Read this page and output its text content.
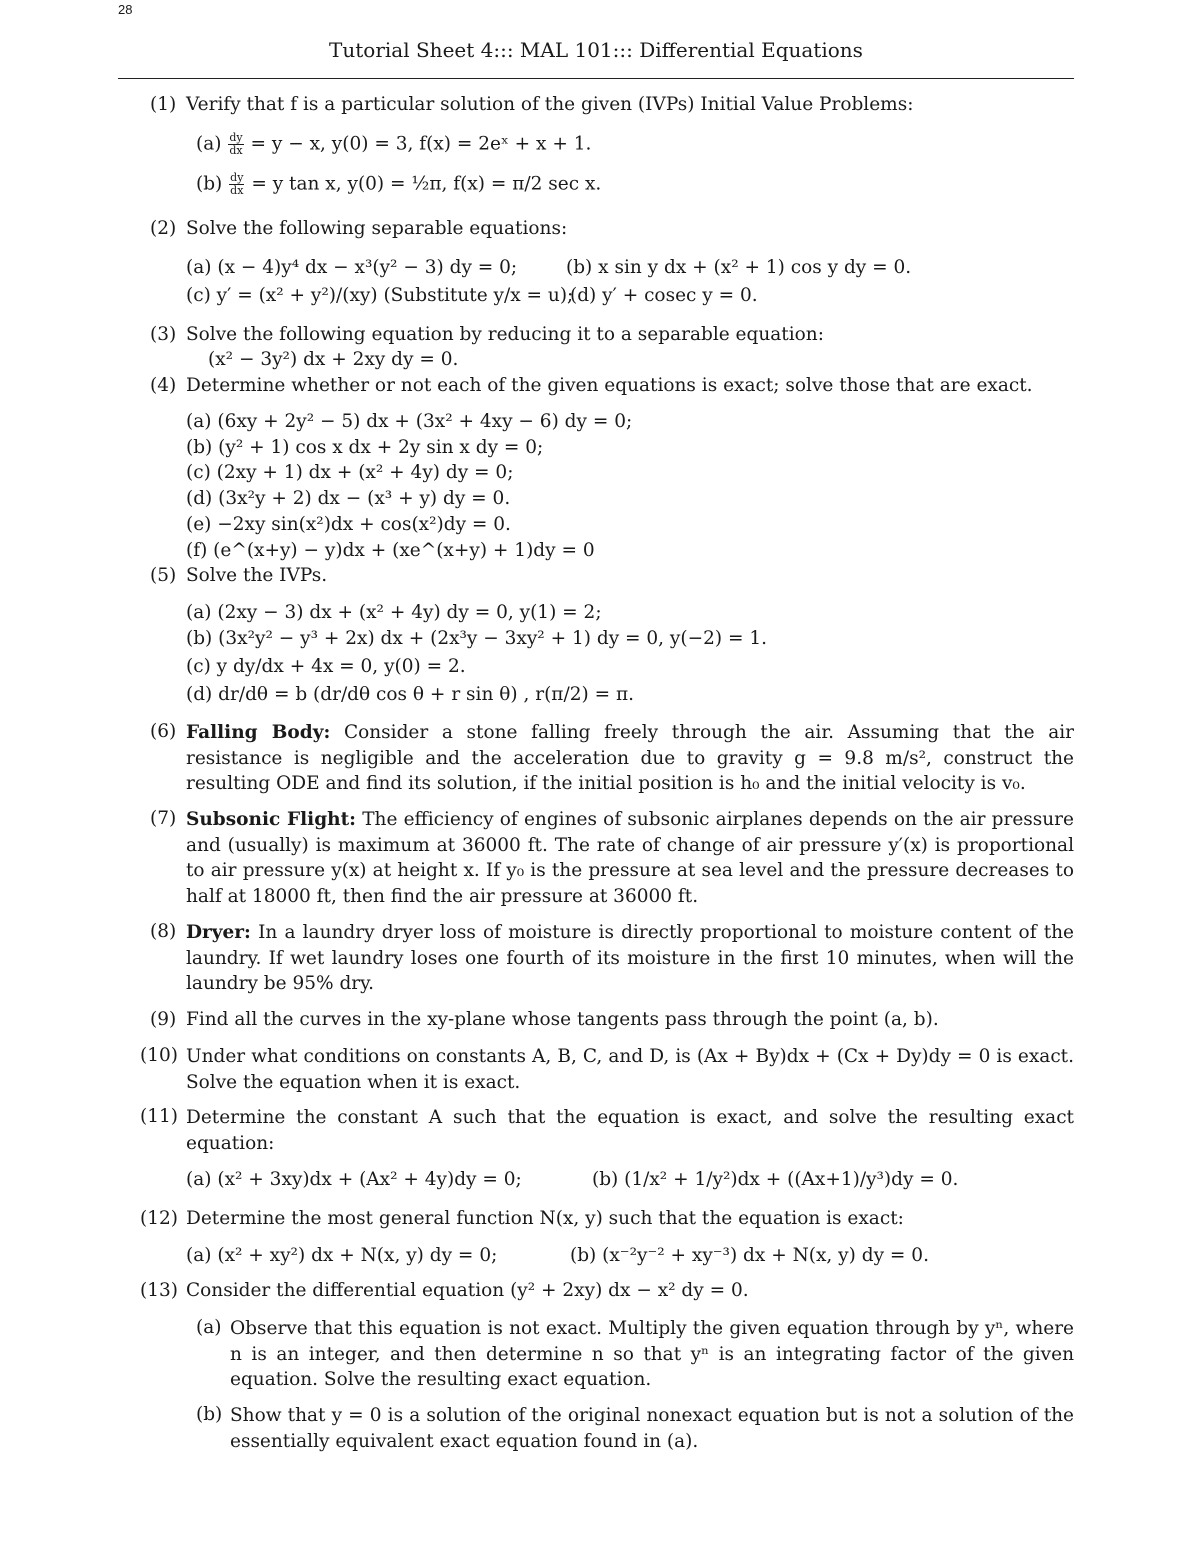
28
Tutorial Sheet 4::: MAL 101::: Differential Equations
(1) Verify that f is a particular solution of the given (IVPs) Initial Value Problems:
$(a) \frac{dy}{dx} = y - x$, y(0) = 3, f(x) = 2eˣ + x + 1.
$(b) \frac{dy}{dx} = y$ tan x, y(0) = ½π, f(x) = π/2 sec x.
(2) Solve the following separable equations:
(a) (x − 4)y⁴ dx − x³(y² − 3) dy = 0;	(b) x sin y dx + (x² + 1) cos y dy = 0.
(c) y′ = (x² + y²)/(xy) (Substitute y/x = u);
(d) y′ + cosec y = 0.
(3) Solve the following equation by reducing it to a separable equation:
(x² − 3y²) dx + 2xy dy = 0.
(4) Determine whether or not each of the given equations is exact; solve those that are exact.
(a) (6xy + 2y² − 5) dx + (3x² + 4xy − 6) dy = 0;
(b) (y² + 1) cos x dx + 2y sin x dy = 0;
(c) (2xy + 1) dx + (x² + 4y) dy = 0;
(d) (3x²y + 2) dx − (x³ + y) dy = 0.
(e) −2xy sin(x²)dx + cos(x²)dy = 0.
(f) (e^(x+y) − y)dx + (xe^(x+y) + 1)dy = 0
(5) Solve the IVPs.
(a) (2xy − 3) dx + (x² + 4y) dy = 0, y(1) = 2;
(b) (3x²y² − y³ + 2x) dx + (2x³y − 3xy² + 1) dy = 0, y(−2) = 1.
(c) y dy/dx + 4x = 0, y(0) = 2.
(d) dr/dθ = b (dr/dθ cos θ + r sin θ) , r(π/2) = π.
(6) Falling Body: Consider a stone falling freely through the air. Assuming that the air resistance is negligible and the acceleration due to gravity g = 9.8 m/s², construct the resulting ODE and find its solution, if the initial position is h₀ and the initial velocity is v₀.
(7) Subsonic Flight: The efficiency of engines of subsonic airplanes depends on the air pressure and (usually) is maximum at 36000 ft. The rate of change of air pressure y′(x) is proportional to air pressure y(x) at height x. If y₀ is the pressure at sea level and the pressure decreases to half at 18000 ft, then find the air pressure at 36000 ft.
(8) Dryer: In a laundry dryer loss of moisture is directly proportional to moisture content of the laundry. If wet laundry loses one fourth of its moisture in the first 10 minutes, when will the laundry be 95% dry.
(9) Find all the curves in the xy-plane whose tangents pass through the point (a, b).
(10) Under what conditions on constants A, B, C, and D, is (Ax + By)dx + (Cx + Dy)dy = 0 is exact. Solve the equation when it is exact.
(11) Determine the constant A such that the equation is exact, and solve the resulting exact equation:
(a) (x² + 3xy)dx + (Ax² + 4y)dy = 0;	(b) (1/x² + 1/y²)dx + ((Ax+1)/y³)dy = 0.
(12) Determine the most general function N(x, y) such that the equation is exact:
(a) (x² + xy²) dx + N(x, y) dy = 0;	(b) (x⁻²y⁻² + xy⁻³) dx + N(x, y) dy = 0.
(13) Consider the differential equation (y² + 2xy) dx − x² dy = 0.
(a) Observe that this equation is not exact. Multiply the given equation through by yⁿ, where n is an integer, and then determine n so that yⁿ is an integrating factor of the given equation. Solve the resulting exact equation.
(b) Show that y = 0 is a solution of the original nonexact equation but is not a solution of the essentially equivalent exact equation found in (a).
